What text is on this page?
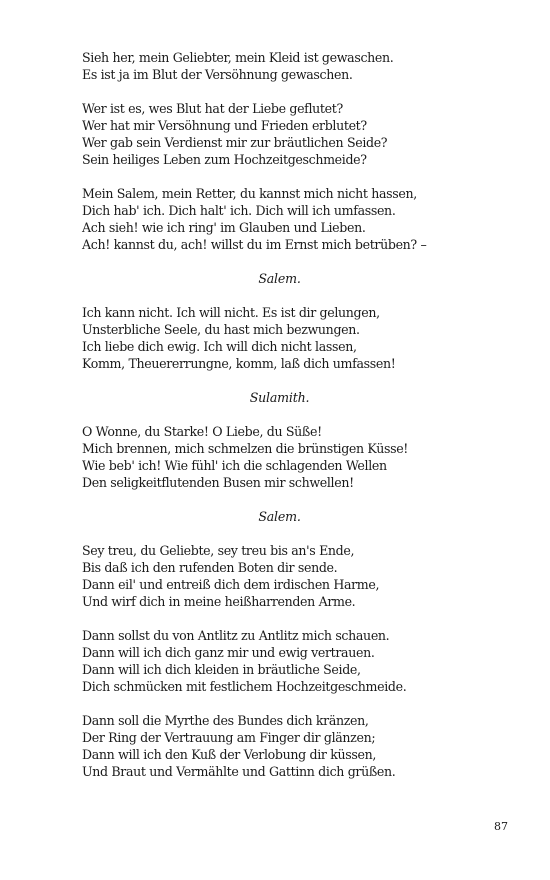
Sieh her, mein Geliebter, mein Kleid ist gewaschen.
Es ist ja im Blut der Versöhnung gewaschen.
Wer ist es, wes Blut hat der Liebe geflutet?
Wer hat mir Versöhnung und Frieden erblutet?
Wer gab sein Verdienst mir zur bräutlichen Seide?
Sein heiliges Leben zum Hochzeitgeschmeide?
Mein Salem, mein Retter, du kannst mich nicht hassen,
Dich hab' ich. Dich halt' ich. Dich will ich umfassen.
Ach sieh! wie ich ring' im Glauben und Lieben.
Ach! kannst du, ach! willst du im Ernst mich betrüben? –
Salem.
Ich kann nicht. Ich will nicht. Es ist dir gelungen,
Unsterbliche Seele, du hast mich bezwungen.
Ich liebe dich ewig. Ich will dich nicht lassen,
Komm, Theuererrungne, komm, laß dich umfassen!
Sulamith.
O Wonne, du Starke! O Liebe, du Süße!
Mich brennen, mich schmelzen die brünstigen Küsse!
Wie beb' ich! Wie fühl' ich die schlagenden Wellen
Den seligkeitflutenden Busen mir schwellen!
Salem.
Sey treu, du Geliebte, sey treu bis an's Ende,
Bis daß ich den rufenden Boten dir sende.
Dann eil' und entreiß dich dem irdischen Harme,
Und wirf dich in meine heißharrenden Arme.
Dann sollst du von Antlitz zu Antlitz mich schauen.
Dann will ich dich ganz mir und ewig vertrauen.
Dann will ich dich kleiden in bräutliche Seide,
Dich schmücken mit festlichem Hochzeitgeschmeide.
Dann soll die Myrthe des Bundes dich kränzen,
Der Ring der Vertrauung am Finger dir glänzen;
Dann will ich den Kuß der Verlobung dir küssen,
Und Braut und Vermählte und Gattinn dich grüßen.
87
